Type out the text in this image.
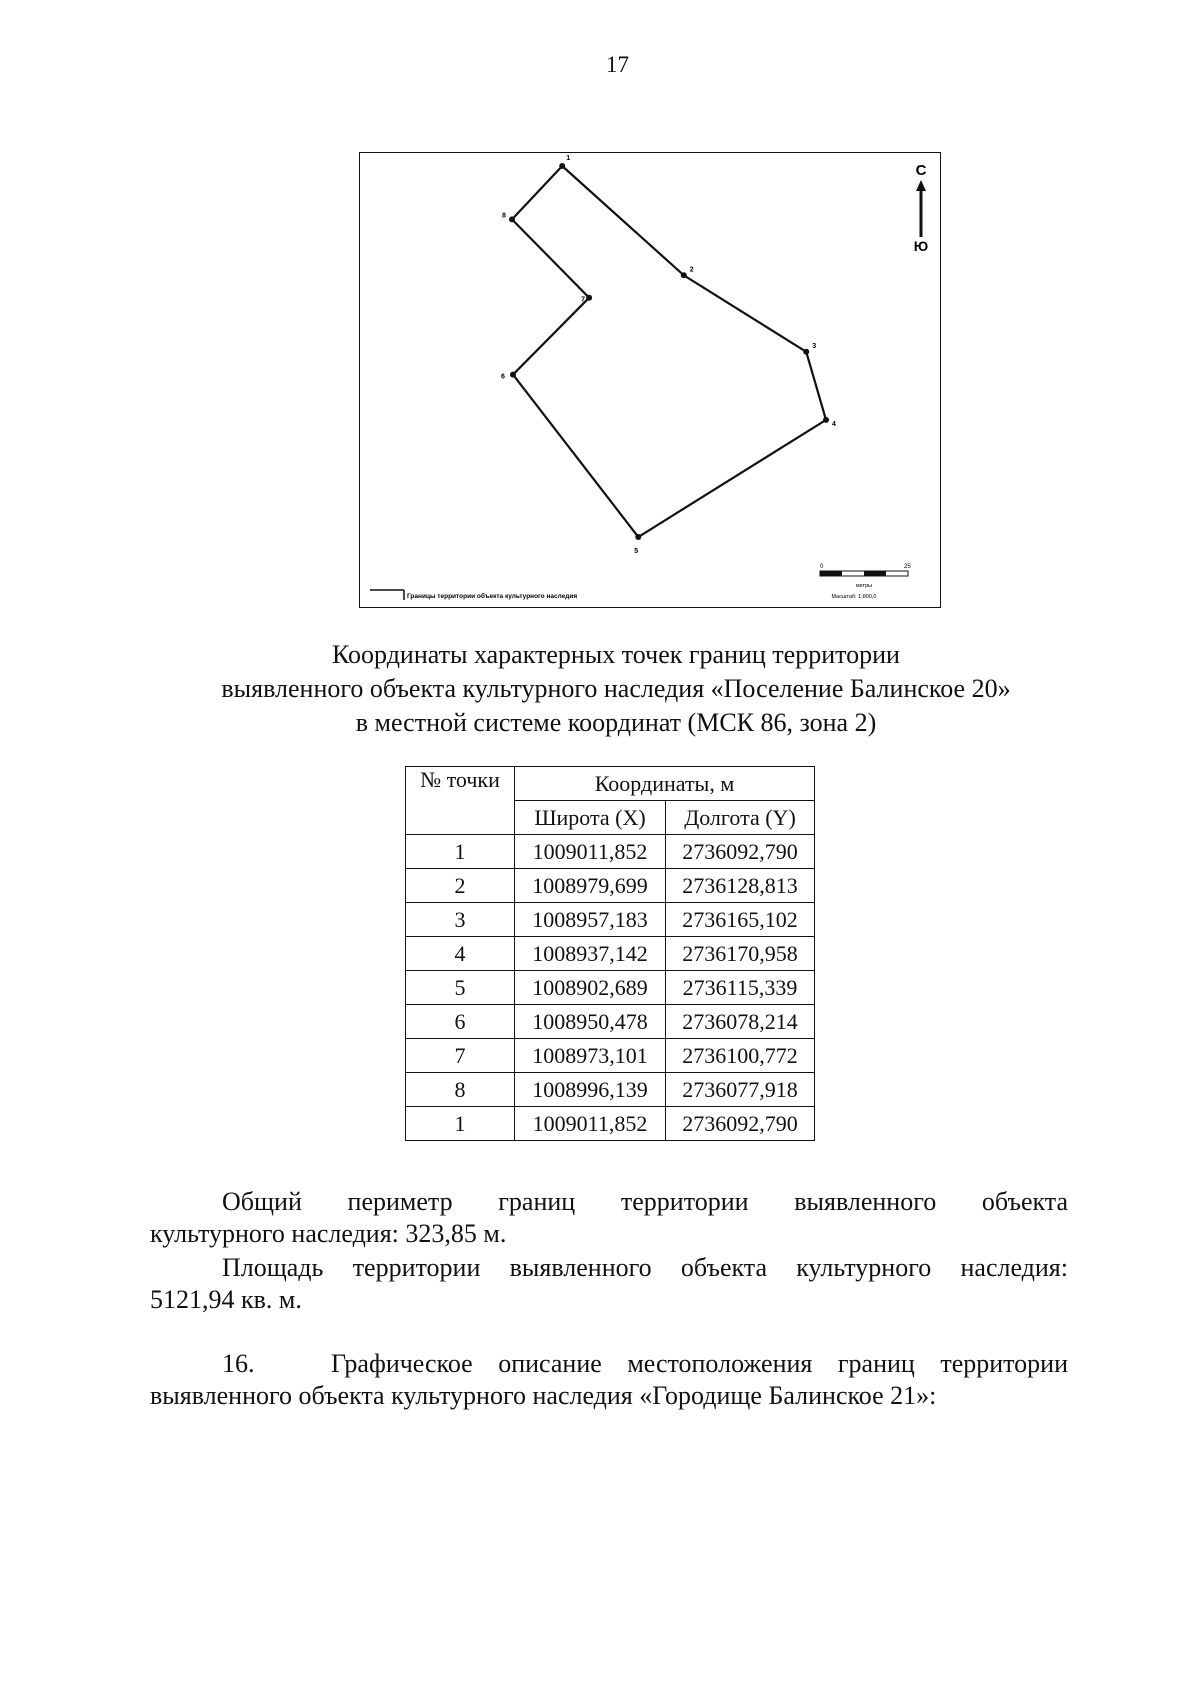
17
1
2
3
4
5
6
7
8
С
Ю
Границы территории объекта культурного наследия
0	25
метры
Масштаб: 1:800,0
Координаты характерных точек границ территории
выявленного объекта культурного наследия «Поселение Балинское 20»
в местной системе координат (МСК 86, зона 2)
№ точки	Координаты, м	
	Широта (X)	Долгота (Y)
1	1009011,852	2736092,790
2	1008979,699	2736128,813
3	1008957,183	2736165,102
4	1008937,142	2736170,958
5	1008902,689	2736115,339
6	1008950,478	2736078,214
7	1008973,101	2736100,772
8	1008996,139	2736077,918
1	1009011,852	2736092,790
Общий периметр границ территории выявленного объекта
культурного наследия: 323,85 м.
Площадь территории выявленного объекта культурного наследия:
5121,94 кв. м.
16.   Графическое описание местоположения границ территории
выявленного объекта культурного наследия «Городище Балинское 21»:
